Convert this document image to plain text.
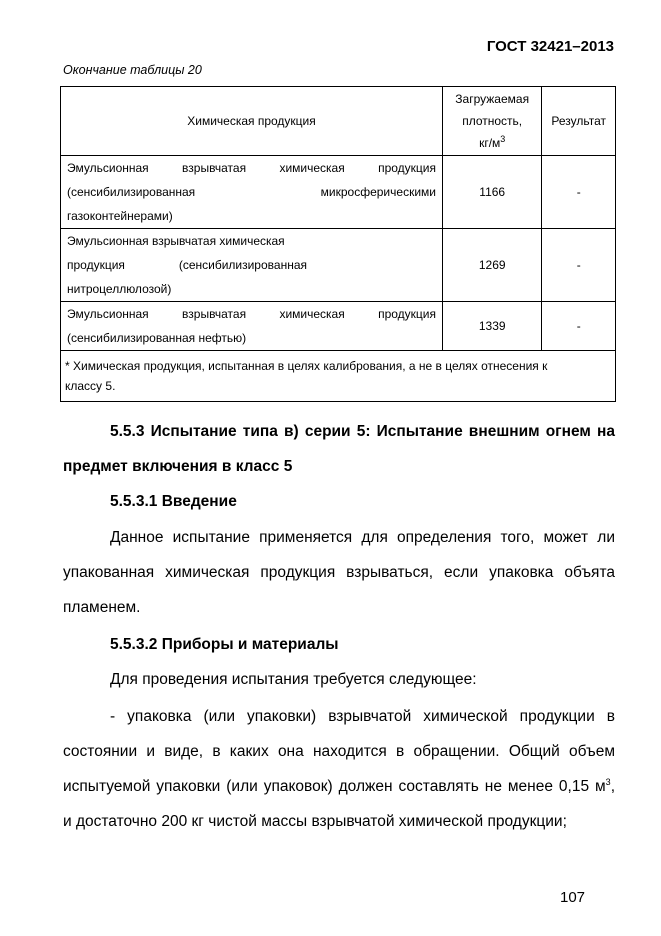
ГОСТ 32421–2013
Окончание таблицы 20
Химическая продукция	Загружаемая
плотность,
$кг/м^3$	Результат

Эмульсионная взрывчатая химическая продукция
(сенсибилизированная микросферическими
газоконтейнерами)	1166	-

Эмульсионная взрывчатая химическая
продукция (сенсибилизированная
нитроцеллюлозой)	1269	-

Эмульсионная взрывчатая химическая продукция
(сенсибилизированная нефтью)	1339	-

* Химическая продукция, испытанная в целях калибрования, а не в целях отнесения к
классу 5.		
5.5.3 Испытание типа в) серии 5: Испытание внешним огнем на
предмет включения в класс 5
5.5.3.1 Введение
Данное испытание применяется для определения того, может ли
упакованная химическая продукция взрываться, если упаковка объята
пламенем.
5.5.3.2 Приборы и материалы
Для проведения испытания требуется следующее:
- упаковка (или упаковки) взрывчатой химической продукции в
состоянии и виде, в каких она находится в обращении. Общий объем
испытуемой упаковки (или упаковок) должен составлять не менее 0,15 $м^3$,
и достаточно 200 кг чистой массы взрывчатой химической продукции;
107
